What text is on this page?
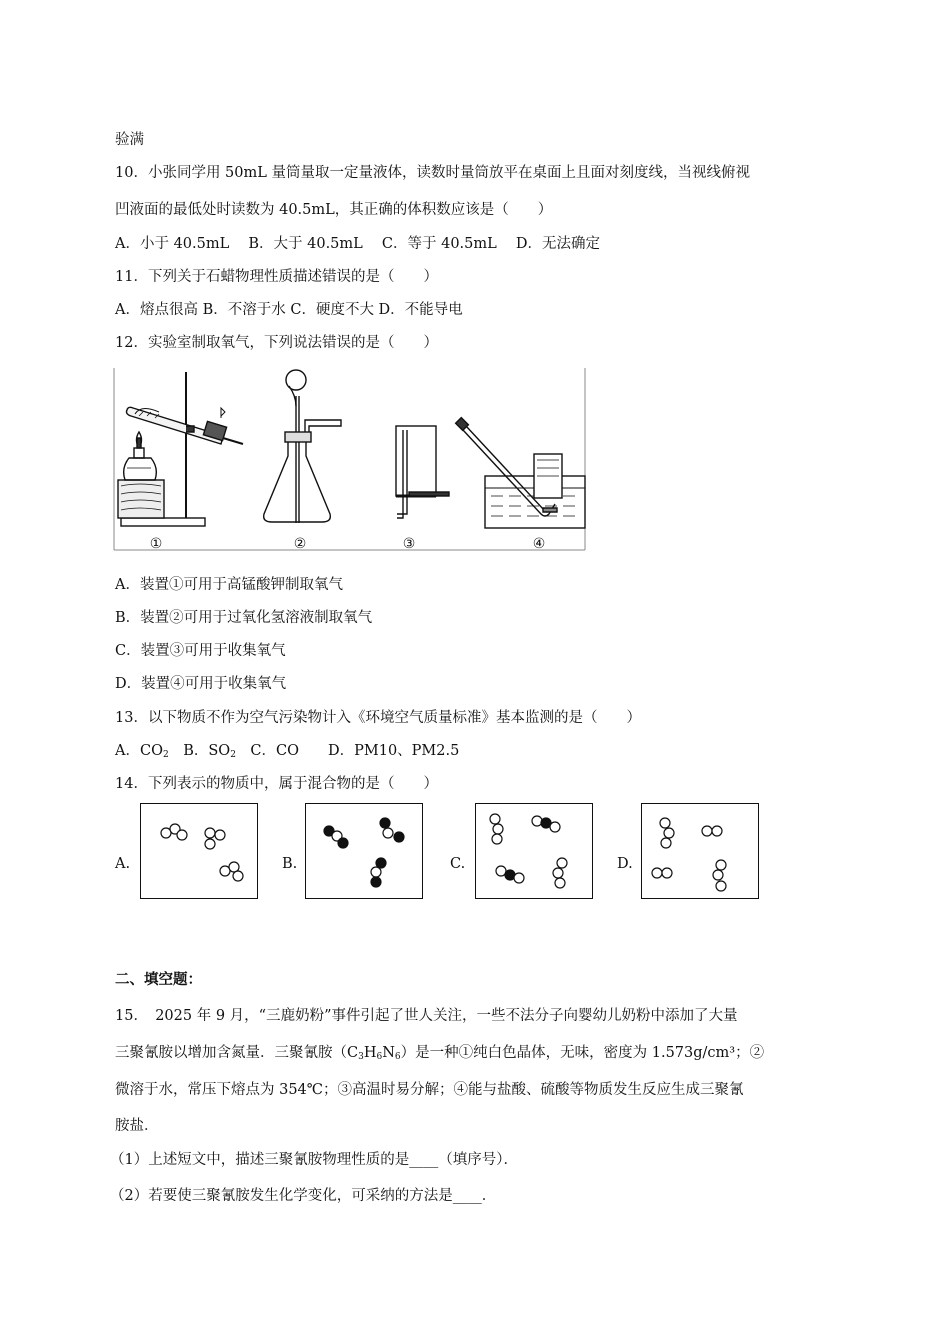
验满
10．小张同学用 50mL 量筒量取一定量液体，读数时量筒放平在桌面上且面对刻度线，当视线俯视
凹液面的最低处时读数为 40.5mL，其正确的体积数应该是（　　）
A．小于 40.5mL　 B．大于 40.5mL　 C．等于 40.5mL　 D．无法确定
11．下列关于石蜡物理性质描述错误的是（　　）
A．熔点很高 B．不溶于水 C．硬度不大 D．不能导电
12．实验室制取氧气，下列说法错误的是（　　）
①	②	③	④
A．装置①可用于高锰酸钾制取氧气
B．装置②可用于过氧化氢溶液制取氧气
C．装置③可用于收集氧气
D．装置④可用于收集氧气
13．以下物质不作为空气污染物计入《环境空气质量标准》基本监测的是（　　）
A．$CO_2$　B．$SO_2$　C．CO　　D．PM10、PM2.5
14．下列表示的物质中，属于混合物的是（　　）
A.	B.	C.	D.
二、填空题：
15．　2025 年 9 月，“三鹿奶粉”事件引起了世人关注，一些不法分子向婴幼儿奶粉中添加了大量
三聚氰胺以增加含氮量．三聚氰胺$(C_3H_6N_6)$是一种①纯白色晶体，无味，密度为 1.573g/cm³；②
微溶于水，常压下熔点为 354℃；③高温时易分解；④能与盐酸、硫酸等物质发生反应生成三聚氰
胺盐．
（1）上述短文中，描述三聚氰胺物理性质的是____（填序号）．
（2）若要使三聚氰胺发生化学变化，可采纳的方法是____．
